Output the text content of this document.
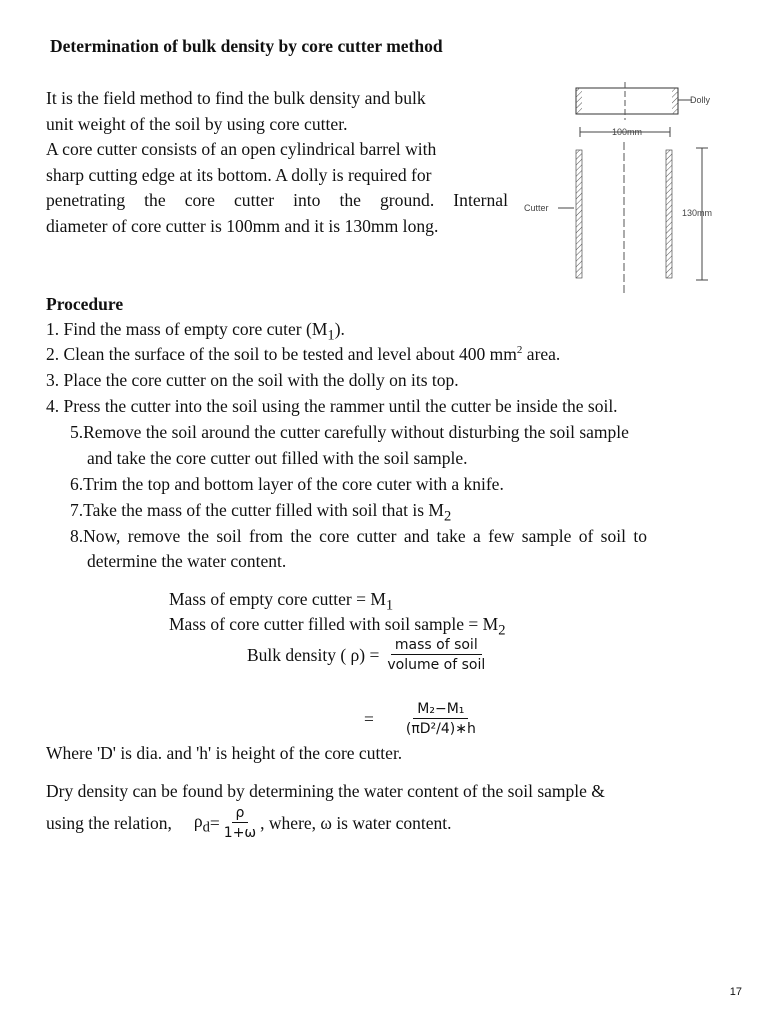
Determination of bulk density by core cutter method

It is the field method to find the bulk density and bulk
unit weight of the soil by using core cutter.
A core cutter consists of an open cylindrical barrel with
sharp cutting edge at its bottom. A dolly is required for
penetrating the core cutter into the ground. Internal
diameter of core cutter is 100mm and it is 130mm long.

Dolly
100mm
130mm
Cutter
Procedure
1. Find the mass of empty core cuter $(M_1)$.
2. Clean the surface of the soil to be tested and level about 400 $mm^2$ area.
3. Place the core cutter on the soil with the dolly on its top.
4. Press the cutter into the soil using the rammer until the cutter be inside the soil.
5.Remove the soil around the cutter carefully without disturbing the soil sample
and take the core cutter out filled with the soil sample.
6.Trim the top and bottom layer of the core cuter with a knife.
7.Take the mass of the cutter filled with soil that is $M_2$
8.Now, remove the soil from the core cutter and take a few sample of soil to
determine the water content.
Mass of empty core cutter = $M_1$
Mass of core cutter filled with soil sample = $M_2$
Bulk density ( $\rho) = \frac{\text{mass of soil}}{\text{volume of soil}}$
= $\frac{\text{M₂−M₁}}{\text{(πD²/4)∗h}}$
Where 'D' is dia. and 'h' is height of the core cutter.
Dry density can be found by determining the water content of the soil sample &
using the relation, $\rho_d = \frac{\rho}{1+\omega}$ , where, ω is water content.
17
